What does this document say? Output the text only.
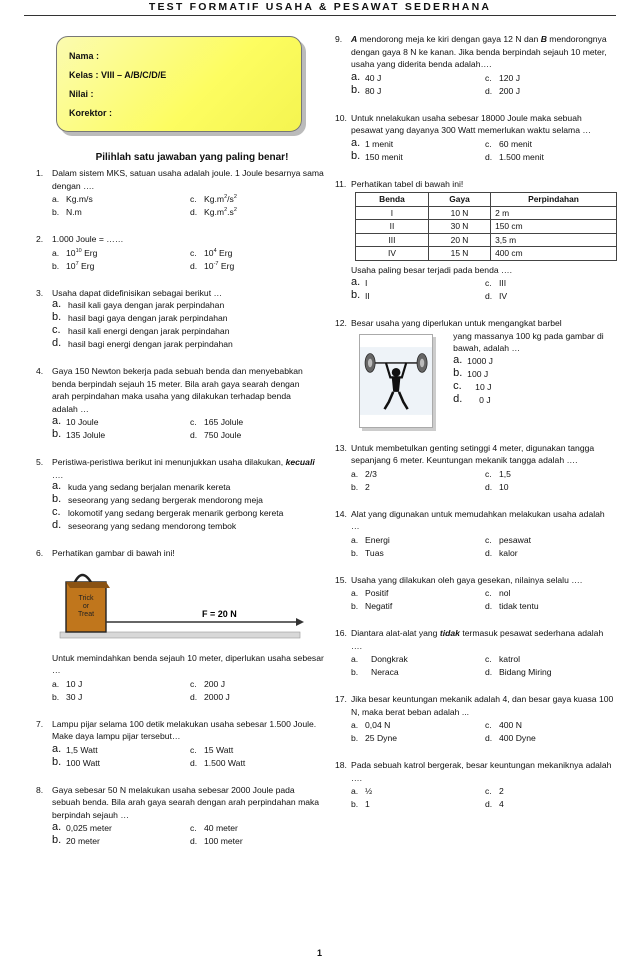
TEST FORMATIF USAHA & PESAWAT SEDERHANA
Nama :
Kelas : VIII – A/B/C/D/E
Nilai :
Korektor :
Pilihlah satu jawaban yang paling benar!
1. Dalam sistem MKS, satuan usaha adalah joule. 1 Joule besarnya sama dengan ….
a. Kg.m/s	c. $Kg.m^2/s^2$
b. N.m	d. $Kg.m^2.s^2$
2. 1.000 Joule = ……
a. $10^{10}$ Erg	c. $10^4$ Erg
b. $10^7$ Erg	d. $10^{-7}$ Erg
3. Usaha dapat didefinisikan sebagai berikut …
a. hasil kali gaya dengan jarak perpindahan
b. hasil bagi gaya dengan jarak perpindahan
c. hasil kali energi dengan jarak perpindahan
d. hasil bagi energi dengan jarak perpindahan
4. Gaya 150 Newton bekerja pada sebuah benda dan menyebabkan benda berpindah sejauh 15 meter. Bila arah gaya searah dengan arah perpindahan maka usaha yang dilakukan terhadap benda adalah …
a. 10 Joule	c. 165 Jolule
b. 135 Jolule	d. 750 Joule
5. Peristiwa-peristiwa berikut ini menunjukkan usaha dilakukan, kecuali ….
a. kuda yang sedang berjalan menarik kereta
b. seseorang yang sedang bergerak mendorong meja
c. lokomotif yang sedang bergerak menarik gerbong kereta
d. seseorang yang sedang mendorong tembok
6. Perhatikan gambar di bawah ini!
Trick
or
Treat	F = 20 N
Untuk memindahkan benda sejauh 10 meter, diperlukan usaha sebesar …
a. 10 J	c. 200 J
b. 30 J	d. 2000 J
7. Lampu pijar selama 100 detik melakukan usaha sebesar 1.500 Joule. Make daya lampu pijar tersebut…
a. 1,5 Watt	c. 15 Watt
b. 100 Watt	d. 1.500 Watt
8. Gaya sebesar 50 N melakukan usaha sebesar 2000 Joule pada sebuah benda. Bila arah gaya searah dengan arah perpindahan maka berpindah sejauh …
a. 0,025 meter	c. 40 meter
b. 20 meter	d. 100 meter
9. A mendorong meja ke kiri dengan gaya 12 N dan B mendorongnya dengan gaya 8 N ke kanan. Jika benda berpindah sejauh 10 meter, usaha yang diderita benda adalah….
a. 40 J	c. 120 J
b. 80 J	d. 200 J
10. Untuk nnelakukan usaha sebesar 18000 Joule maka sebuah pesawat yang dayanya 300 Watt memerlukan waktu selama …
a. 1 menit	c. 60 menit
b. 150 menit	d. 1.500 menit
11. Perhatikan tabel di bawah ini!
Benda	Gaya	Perpindahan
I	10 N	2 m
II	30 N	150 cm
III	20 N	3,5 m
IV	15 N	400 cm
Usaha paling besar terjadi pada benda ….
a. I	c. III
b. II	d. IV
12. Besar usaha yang diperlukan untuk mengangkat barbel
yang massanya 100 kg pada gambar di bawah, adalah …
a. 1000 J
b. 100 J
c. 10 J
d. 0 J
13. Untuk membetulkan genting setinggi 4 meter, digunakan tangga sepanjang 6 meter. Keuntungan mekanik tangga adalah ….
a. 2/3	c. 1,5
b. 2	d. 10
14. Alat yang digunakan untuk memudahkan melakukan usaha adalah …
a. Energi	c. pesawat
b. Tuas	d. kalor
15. Usaha yang dilakukan oleh gaya gesekan, nilainya selalu ….
a. Positif	c. nol
b. Negatif	d. tidak tentu
16. Diantara alat-alat yang tidak termasuk pesawat sederhana adalah ….
a. Dongkrak	c. katrol
b. Neraca	d. Bidang Miring
17. Jika besar keuntungan mekanik adalah 4, dan besar gaya kuasa 100 N, maka berat beban adalah ...
a. 0,04 N	c. 400 N
b. 25 Dyne	d. 400 Dyne
18. Pada sebuah katrol bergerak, besar keuntungan mekaniknya adalah ….
a. ½	c. 2
b. 1	d. 4
1
